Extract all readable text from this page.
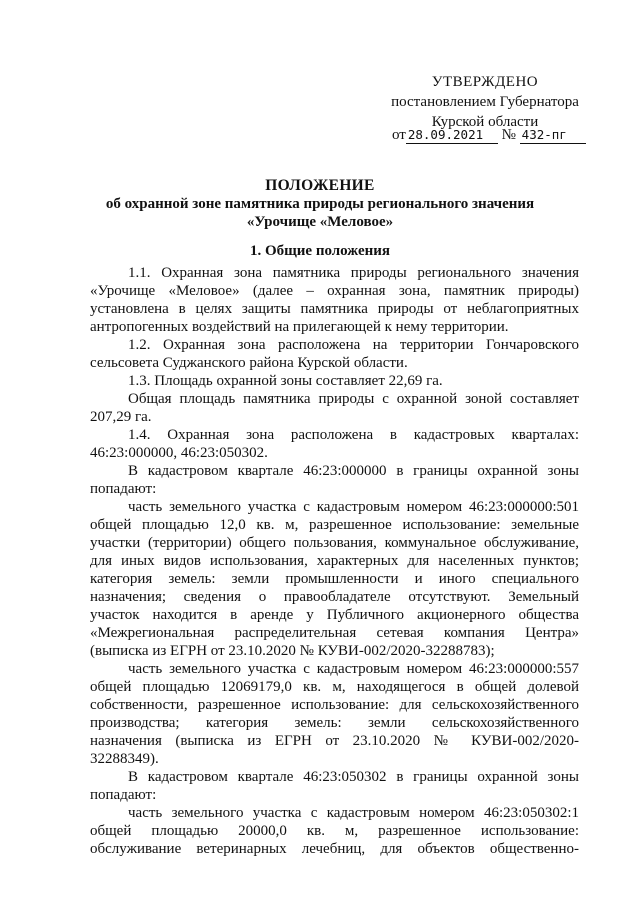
УТВЕРЖДЕНО
постановлением Губернатора
Курской области
от 28.09.2021 № 432-пг
ПОЛОЖЕНИЕ
об охранной зоне памятника природы регионального значения
«Урочище «Меловое»
1. Общие положения
1.1. Охранная зона памятника природы регионального значения
«Урочище «Меловое» (далее – охранная зона, памятник природы)
установлена в целях защиты памятника природы от неблагоприятных
антропогенных воздействий на прилегающей к нему территории.
1.2. Охранная зона расположена на территории Гончаровского
сельсовета Суджанского района Курской области.
1.3. Площадь охранной зоны составляет 22,69 га.
Общая площадь памятника природы с охранной зоной составляет
207,29 га.
1.4. Охранная зона расположена в кадастровых кварталах:
46:23:000000, 46:23:050302.
В кадастровом квартале 46:23:000000 в границы охранной зоны
попадают:
часть земельного участка с кадастровым номером 46:23:000000:501
общей площадью 12,0 кв. м, разрешенное использование: земельные
участки (территории) общего пользования, коммунальное обслуживание,
для иных видов использования, характерных для населенных пунктов;
категория земель: земли промышленности и иного специального
назначения; сведения о правообладателе отсутствуют. Земельный
участок находится в аренде у Публичного акционерного общества
«Межрегиональная распределительная сетевая компания Центра»
(выписка из ЕГРН от 23.10.2020 № КУВИ-002/2020-32288783);
часть земельного участка с кадастровым номером 46:23:000000:557
общей площадью 12069179,0 кв. м, находящегося в общей долевой
собственности, разрешенное использование: для сельскохозяйственного
производства; категория земель: земли сельскохозяйственного
назначения (выписка из ЕГРН от 23.10.2020 № КУВИ-002/2020-
32288349).
В кадастровом квартале 46:23:050302 в границы охранной зоны
попадают:
часть земельного участка с кадастровым номером 46:23:050302:1
общей площадью 20000,0 кв. м, разрешенное использование:
обслуживание ветеринарных лечебниц, для объектов общественно-
